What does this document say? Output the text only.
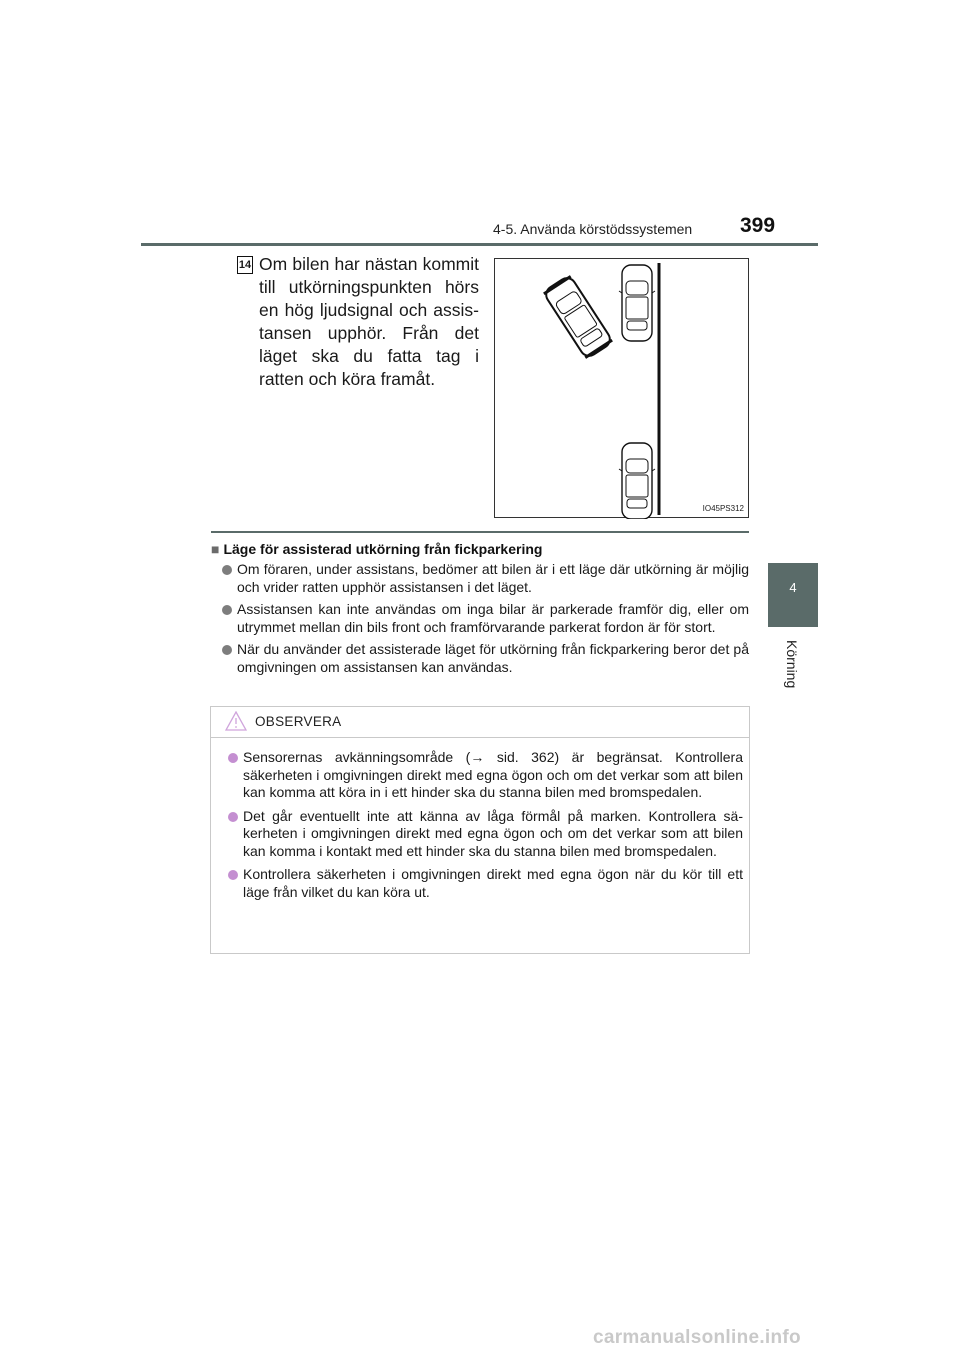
4-5. Använda körstödssystemen 399
4
Körning
14 Om bilen har nästan kommit till utkörningspunkten hörs en hög ljudsignal och assistansen upphör. Från det läget ska du fatta tag i ratten och köra framåt.
IO45PS312
■ Läge för assisterad utkörning från fickparkering
Om föraren, under assistans, bedömer att bilen är i ett läge där utkörning är möjlig och vrider ratten upphör assistansen i det läget.
Assistansen kan inte användas om inga bilar är parkerade framför dig, eller om utrymmet mellan din bils front och framförvarande parkerat fordon är för stort.
När du använder det assisterade läget för utkörning från fickparkering beror det på omgivningen om assistansen kan användas.
OBSERVERA
Sensorernas avkänningsområde (→ sid. 362) är begränsat. Kontrollera säkerheten i omgivningen direkt med egna ögon och om det verkar som att bilen kan komma att köra in i ett hinder ska du stanna bilen med bromspedalen.
Det går eventuellt inte att känna av låga förmål på marken. Kontrollera säkerheten i omgivningen direkt med egna ögon och om det verkar som att bilen kan komma i kontakt med ett hinder ska du stanna bilen med bromspedalen.
Kontrollera säkerheten i omgivningen direkt med egna ögon när du kör till ett läge från vilket du kan köra ut.
carmanualsonline.info
